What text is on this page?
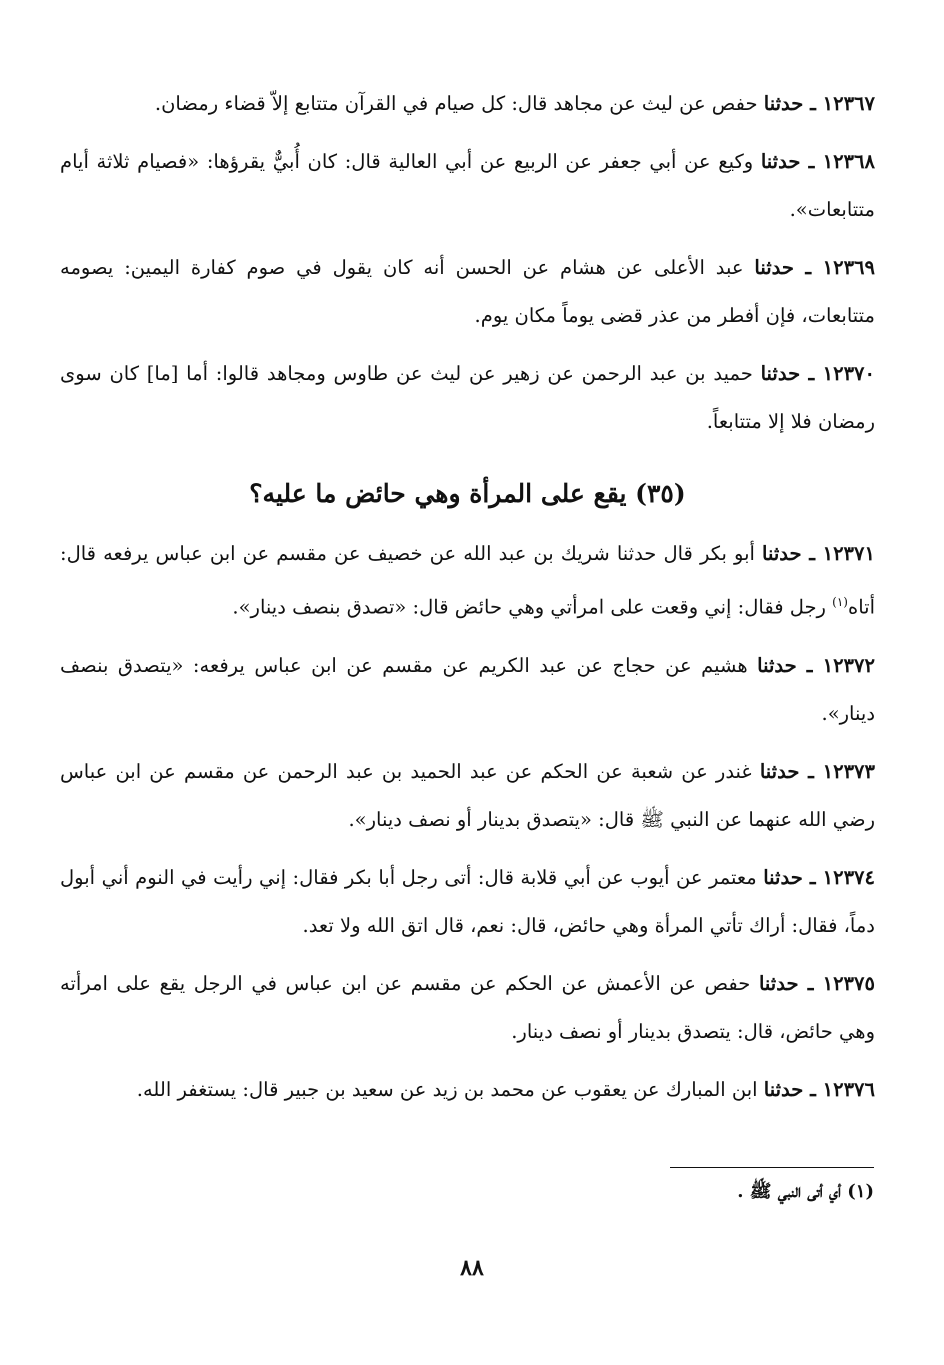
١٢٣٦٧ ـ حدثنا حفص عن ليث عن مجاهد قال: كل صيام في القرآن متتابع إلاّ قضاء رمضان.

١٢٣٦٨ ـ حدثنا وكيع عن أبي جعفر عن الربيع عن أبي العالية قال: كان أُبيٌّ يقرؤها: «فصيام ثلاثة أيام متتابعات».

١٢٣٦٩ ـ حدثنا عبد الأعلى عن هشام عن الحسن أنه كان يقول في صوم كفارة اليمين: يصومه متتابعات، فإن أفطر من عذر قضى يوماً مكان يوم.

١٢٣٧٠ ـ حدثنا حميد بن عبد الرحمن عن زهير عن ليث عن طاوس ومجاهد قالوا: أما [ما] كان سوى رمضان فلا إلا متتابعاً.

(٣٥) يقع على المرأة وهي حائض ما عليه؟

١٢٣٧١ ـ حدثنا أبو بكر قال حدثنا شريك بن عبد الله عن خصيف عن مقسم عن ابن عباس يرفعه قال: أتاه$^{(١)}$ رجل فقال: إني وقعت على امرأتي وهي حائض قال: «تصدق بنصف دينار».

١٢٣٧٢ ـ حدثنا هشيم عن حجاج عن عبد الكريم عن مقسم عن ابن عباس يرفعه: «يتصدق بنصف دينار».

١٢٣٧٣ ـ حدثنا غندر عن شعبة عن الحكم عن عبد الحميد بن عبد الرحمن عن مقسم عن ابن عباس رضي الله عنهما عن النبي ﷺ قال: «يتصدق بدينار أو نصف دينار».

١٢٣٧٤ ـ حدثنا معتمر عن أيوب عن أبي قلابة قال: أتى رجل أبا بكر فقال: إني رأيت في النوم أني أبول دماً، فقال: أراك تأتي المرأة وهي حائض، قال: نعم، قال اتق الله ولا تعد.

١٢٣٧٥ ـ حدثنا حفص عن الأعمش عن الحكم عن مقسم عن ابن عباس في الرجل يقع على امرأته وهي حائض، قال: يتصدق بدينار أو نصف دينار.

١٢٣٧٦ ـ حدثنا ابن المبارك عن يعقوب عن محمد بن زيد عن سعيد بن جبير قال: يستغفر الله.

(١) أي أتى النبي ﷺ .
٨٨
